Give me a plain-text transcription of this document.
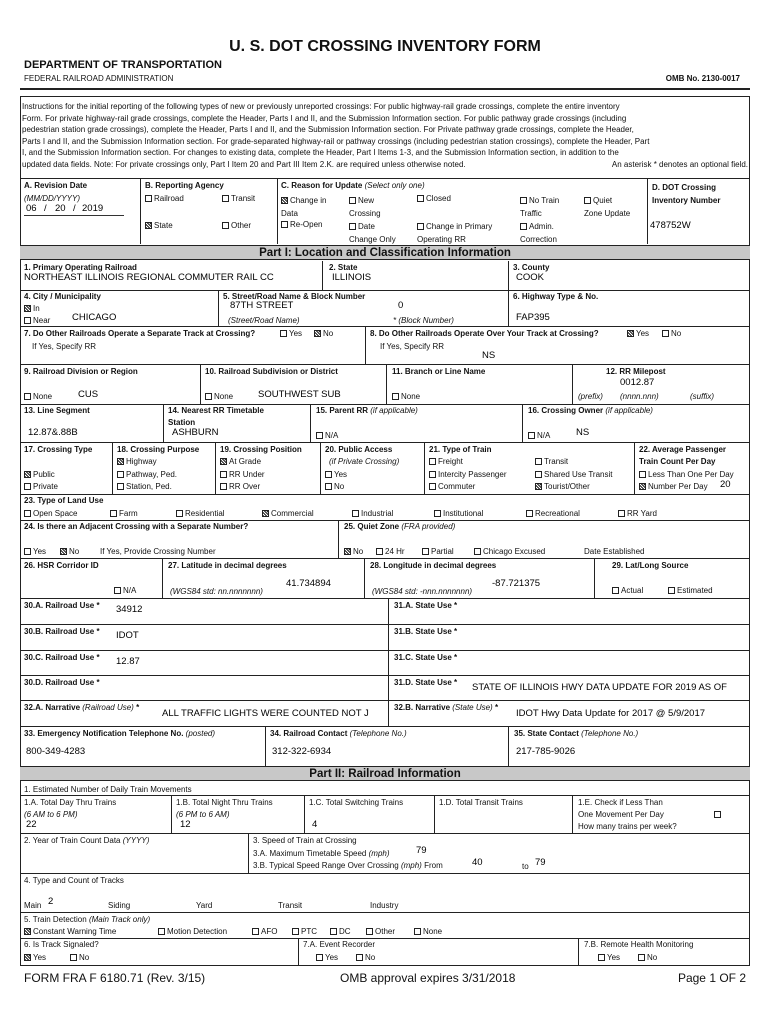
U. S. DOT CROSSING INVENTORY FORM
DEPARTMENT OF TRANSPORTATION
FEDERAL RAILROAD ADMINISTRATION	OMB No. 2130-0017
Instructions for the initial reporting of the following types of new or previously unreported crossings: For public highway-rail grade crossings, complete the entire inventory
Form. For private highway-rail grade crossings, complete the Header, Parts I and II, and the Submission Information section. For public pathway grade crossings (including
pedestrian station grade crossings), complete the Header, Parts I and II, and the Submission Information section. For Private pathway grade crossings, complete the Header,
Parts I and II, and the Submission Information section. For grade-separated highway-rail or pathway crossings (including pedestrian station crossings), complete the Header, Part
I, and the Submission Information section. For changes to existing data, complete the Header, Part I Items 1-3, and the Submission Information section, in addition to the
updated data fields. Note: For private crossings only, Part I Item 20 and Part III Item 2.K. are required unless otherwise noted.	An asterisk * denotes an optional field.
A. Revision Date
(MM/DD/YYYY)
06 / 20 / 2019
B. Reporting Agency
Railroad	Transit
State	Other
C. Reason for Update (Select only one)
Change in
Data
New
Crossing
Closed	No Train
Traffic
Quiet
Zone Update
Re-Open	Date
Change Only
Change in Primary
Operating RR
Admin.
Correction
D. DOT Crossing
Inventory Number
478752W
Part I: Location and Classification Information
1. Primary Operating Railroad
NORTHEAST ILLINOIS REGIONAL COMMUTER RAIL CC
2. State
ILLINOIS
3. County
COOK
4. City / Municipality
In
Near CHICAGO
5. Street/Road Name & Block Number
87TH STREET	0
(Street/Road Name)	* (Block Number)
6. Highway Type & No.
FAP395
7. Do Other Railroads Operate a Separate Track at Crossing?	Yes	No
If Yes, Specify RR
8. Do Other Railroads Operate Over Your Track at Crossing?	Yes	No
If Yes, Specify RR
NS
9. Railroad Division or Region
None	CUS
10. Railroad Subdivision or District
None	SOUTHWEST SUB
11. Branch or Line Name
None
12. RR Milepost
0012.87
(prefix) (nnnn.nnn)	(suffix)
13. Line Segment
12.87&.88B
14. Nearest RR Timetable
Station
ASHBURN
15. Parent RR (if applicable)
N/A
16. Crossing Owner (if applicable)
N/A	NS
17. Crossing Type
Public
Private
18. Crossing Purpose
Highway
Pathway, Ped.
Station, Ped.
19. Crossing Position
At Grade
RR Under
RR Over
20. Public Access
(if Private Crossing)
Yes
No
21. Type of Train
Freight	Transit
Intercity Passenger	Shared Use Transit
Commuter	Tourist/Other
22. Average Passenger
Train Count Per Day
Less Than One Per Day
Number Per Day 20
23. Type of Land Use
Open Space	Farm	Residential	Commercial	Industrial	Institutional	Recreational	RR Yard
24. Is there an Adjacent Crossing with a Separate Number?
Yes	No	If Yes, Provide Crossing Number
25. Quiet Zone (FRA provided)
No	24 Hr	Partial	Chicago Excused	Date Established
26. HSR Corridor ID
N/A
27. Latitude in decimal degrees
41.734894
(WGS84 std: nn.nnnnnnn)
28. Longitude in decimal degrees
-87.721375
(WGS84 std: -nnn.nnnnnnn)
29. Lat/Long Source
Actual	Estimated
30.A. Railroad Use * 34912	31.A. State Use *
30.B. Railroad Use * IDOT	31.B. State Use *
30.C. Railroad Use * 12.87	31.C. State Use *
30.D. Railroad Use *	31.D. State Use * STATE OF ILLINOIS HWY DATA UPDATE FOR 2019 AS OF
32.A. Narrative (Railroad Use) *
ALL TRAFFIC LIGHTS WERE COUNTED NOT J
32.B. Narrative (State Use) *
IDOT Hwy Data Update for 2017 @ 5/9/2017
33. Emergency Notification Telephone No. (posted)
800-349-4283
34. Railroad Contact (Telephone No.)
312-322-6934
35. State Contact (Telephone No.)
217-785-9026
Part II: Railroad Information
1. Estimated Number of Daily Train Movements
1.A. Total Day Thru Trains
(6 AM to 6 PM)
22
1.B. Total Night Thru Trains
(6 PM to 6 AM)
12
1.C. Total Switching Trains
4
1.D. Total Transit Trains	1.E. Check if Less Than
One Movement Per Day
How many trains per week?
2. Year of Train Count Data (YYYY)	3. Speed of Train at Crossing
3.A. Maximum Timetable Speed (mph)	79
3.B. Typical Speed Range Over Crossing (mph) From	40	to 79
4. Type and Count of Tracks
Main 2	Siding	Yard	Transit	Industry
5. Train Detection (Main Track only)
Constant Warning Time	Motion Detection	AFO	PTC	DC	Other	None
6. Is Track Signaled?
Yes	No
7.A. Event Recorder
Yes	No
7.B. Remote Health Monitoring
Yes	No
FORM FRA F 6180.71 (Rev. 3/15)	OMB approval expires 3/31/2018	Page 1 OF 2
